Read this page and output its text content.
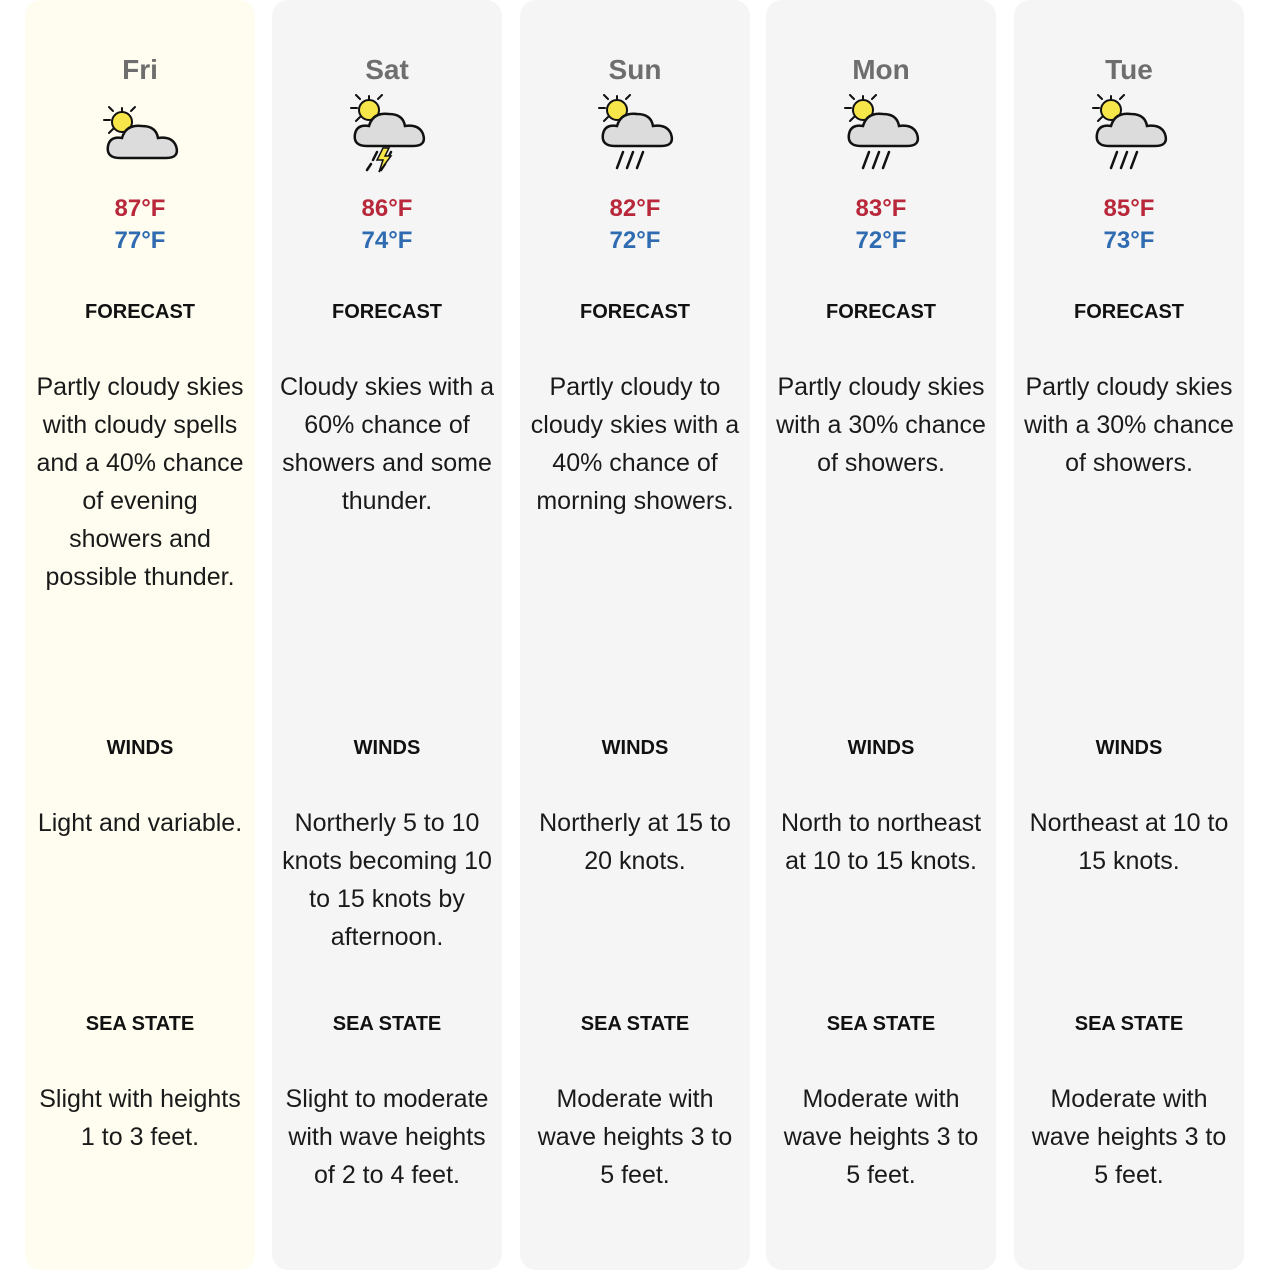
Fri
87°F
77°F
FORECAST
Partly cloudy skies with cloudy spells and a 40% chance of evening showers and possible thunder.
WINDS
Light and variable.
SEA STATE
Slight with heights 1 to 3 feet.
Sat
86°F
74°F
FORECAST
Cloudy skies with a 60% chance of showers and some thunder.
WINDS
Northerly 5 to 10 knots becoming 10 to 15 knots by afternoon.
SEA STATE
Slight to moderate with wave heights of 2 to 4 feet.
Sun
82°F
72°F
FORECAST
Partly cloudy to cloudy skies with a 40% chance of morning showers.
WINDS
Northerly at 15 to 20 knots.
SEA STATE
Moderate with wave heights 3 to 5 feet.
Mon
83°F
72°F
FORECAST
Partly cloudy skies with a 30% chance of showers.
WINDS
North to northeast at 10 to 15 knots.
SEA STATE
Moderate with wave heights 3 to 5 feet.
Tue
85°F
73°F
FORECAST
Partly cloudy skies with a 30% chance of showers.
WINDS
Northeast at 10 to 15 knots.
SEA STATE
Moderate with wave heights 3 to 5 feet.
